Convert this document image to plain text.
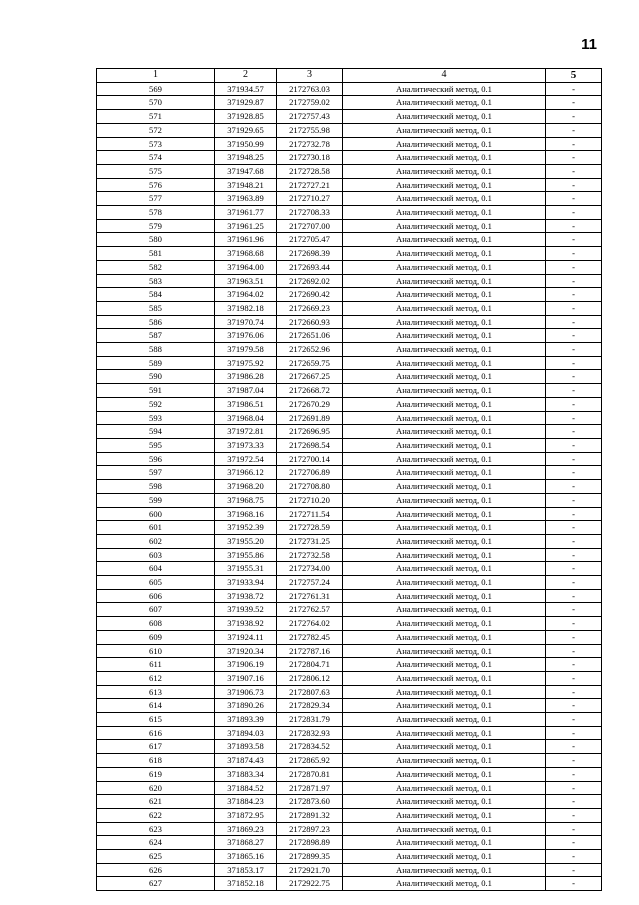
11
1	2	3	4	5
569	371934.57	2172763.03	Аналитический метод, 0.1	-
570	371929.87	2172759.02	Аналитический метод, 0.1	-
571	371928.85	2172757.43	Аналитический метод, 0.1	-
572	371929.65	2172755.98	Аналитический метод, 0.1	-
573	371950.99	2172732.78	Аналитический метод, 0.1	-
574	371948.25	2172730.18	Аналитический метод, 0.1	-
575	371947.68	2172728.58	Аналитический метод, 0.1	-
576	371948.21	2172727.21	Аналитический метод, 0.1	-
577	371963.89	2172710.27	Аналитический метод, 0.1	-
578	371961.77	2172708.33	Аналитический метод, 0.1	-
579	371961.25	2172707.00	Аналитический метод, 0.1	-
580	371961.96	2172705.47	Аналитический метод, 0.1	-
581	371968.68	2172698.39	Аналитический метод, 0.1	-
582	371964.00	2172693.44	Аналитический метод, 0.1	-
583	371963.51	2172692.02	Аналитический метод, 0.1	-
584	371964.02	2172690.42	Аналитический метод, 0.1	-
585	371982.18	2172669.23	Аналитический метод, 0.1	-
586	371970.74	2172660.93	Аналитический метод, 0.1	-
587	371976.06	2172651.06	Аналитический метод, 0.1	-
588	371979.58	2172652.96	Аналитический метод, 0.1	-
589	371975.92	2172659.75	Аналитический метод, 0.1	-
590	371986.28	2172667.25	Аналитический метод, 0.1	-
591	371987.04	2172668.72	Аналитический метод, 0.1	-
592	371986.51	2172670.29	Аналитический метод, 0.1	-
593	371968.04	2172691.89	Аналитический метод, 0.1	-
594	371972.81	2172696.95	Аналитический метод, 0.1	-
595	371973.33	2172698.54	Аналитический метод, 0.1	-
596	371972.54	2172700.14	Аналитический метод, 0.1	-
597	371966.12	2172706.89	Аналитический метод, 0.1	-
598	371968.20	2172708.80	Аналитический метод, 0.1	-
599	371968.75	2172710.20	Аналитический метод, 0.1	-
600	371968.16	2172711.54	Аналитический метод, 0.1	-
601	371952.39	2172728.59	Аналитический метод, 0.1	-
602	371955.20	2172731.25	Аналитический метод, 0.1	-
603	371955.86	2172732.58	Аналитический метод, 0.1	-
604	371955.31	2172734.00	Аналитический метод, 0.1	-
605	371933.94	2172757.24	Аналитический метод, 0.1	-
606	371938.72	2172761.31	Аналитический метод, 0.1	-
607	371939.52	2172762.57	Аналитический метод, 0.1	-
608	371938.92	2172764.02	Аналитический метод, 0.1	-
609	371924.11	2172782.45	Аналитический метод, 0.1	-
610	371920.34	2172787.16	Аналитический метод, 0.1	-
611	371906.19	2172804.71	Аналитический метод, 0.1	-
612	371907.16	2172806.12	Аналитический метод, 0.1	-
613	371906.73	2172807.63	Аналитический метод, 0.1	-
614	371890.26	2172829.34	Аналитический метод, 0.1	-
615	371893.39	2172831.79	Аналитический метод, 0.1	-
616	371894.03	2172832.93	Аналитический метод, 0.1	-
617	371893.58	2172834.52	Аналитический метод, 0.1	-
618	371874.43	2172865.92	Аналитический метод, 0.1	-
619	371883.34	2172870.81	Аналитический метод, 0.1	-
620	371884.52	2172871.97	Аналитический метод, 0.1	-
621	371884.23	2172873.60	Аналитический метод, 0.1	-
622	371872.95	2172891.32	Аналитический метод, 0.1	-
623	371869.23	2172897.23	Аналитический метод, 0.1	-
624	371868.27	2172898.89	Аналитический метод, 0.1	-
625	371865.16	2172899.35	Аналитический метод, 0.1	-
626	371853.17	2172921.70	Аналитический метод, 0.1	-
627	371852.18	2172922.75	Аналитический метод, 0.1	-
